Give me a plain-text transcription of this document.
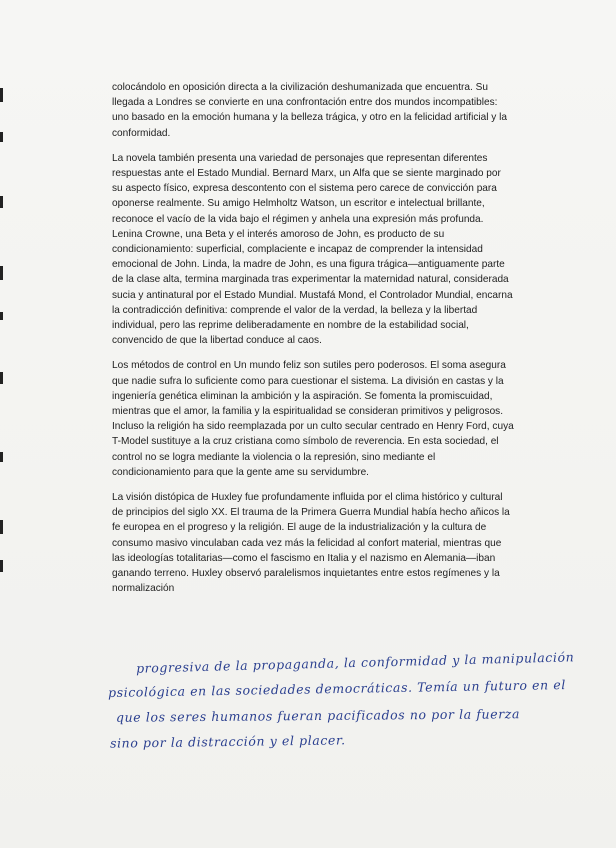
colocándolo en oposición directa a la civilización deshumanizada que encuentra. Su llegada a Londres se convierte en una confrontación entre dos mundos incompatibles: uno basado en la emoción humana y la belleza trágica, y otro en la felicidad artificial y la conformidad.

La novela también presenta una variedad de personajes que representan diferentes respuestas ante el Estado Mundial. Bernard Marx, un Alfa que se siente marginado por su aspecto físico, expresa descontento con el sistema pero carece de convicción para oponerse realmente. Su amigo Helmholtz Watson, un escritor e intelectual brillante, reconoce el vacío de la vida bajo el régimen y anhela una expresión más profunda. Lenina Crowne, una Beta y el interés amoroso de John, es producto de su condicionamiento: superficial, complaciente e incapaz de comprender la intensidad emocional de John. Linda, la madre de John, es una figura trágica—antiguamente parte de la clase alta, termina marginada tras experimentar la maternidad natural, considerada sucia y antinatural por el Estado Mundial. Mustafá Mond, el Controlador Mundial, encarna la contradicción definitiva: comprende el valor de la verdad, la belleza y la libertad individual, pero las reprime deliberadamente en nombre de la estabilidad social, convencido de que la libertad conduce al caos.

Los métodos de control en Un mundo feliz son sutiles pero poderosos. El soma asegura que nadie sufra lo suficiente como para cuestionar el sistema. La división en castas y la ingeniería genética eliminan la ambición y la aspiración. Se fomenta la promiscuidad, mientras que el amor, la familia y la espiritualidad se consideran primitivos y peligrosos. Incluso la religión ha sido reemplazada por un culto secular centrado en Henry Ford, cuya T-Model sustituye a la cruz cristiana como símbolo de reverencia. En esta sociedad, el control no se logra mediante la violencia o la represión, sino mediante el condicionamiento para que la gente ame su servidumbre.

La visión distópica de Huxley fue profundamente influida por el clima histórico y cultural de principios del siglo XX. El trauma de la Primera Guerra Mundial había hecho añicos la fe europea en el progreso y la religión. El auge de la industrialización y la cultura de consumo masivo vinculaban cada vez más la felicidad al confort material, mientras que las ideologías totalitarias—como el fascismo en Italia y el nazismo en Alemania—iban ganando terreno. Huxley observó paralelismos inquietantes entre estos regímenes y la normalización

progresiva de la propaganda, la conformidad y la manipulación
psicológica en las sociedades democráticas. Temía un futuro en el
que los seres humanos fueran pacificados no por la fuerza
sino por la distracción y el placer.
